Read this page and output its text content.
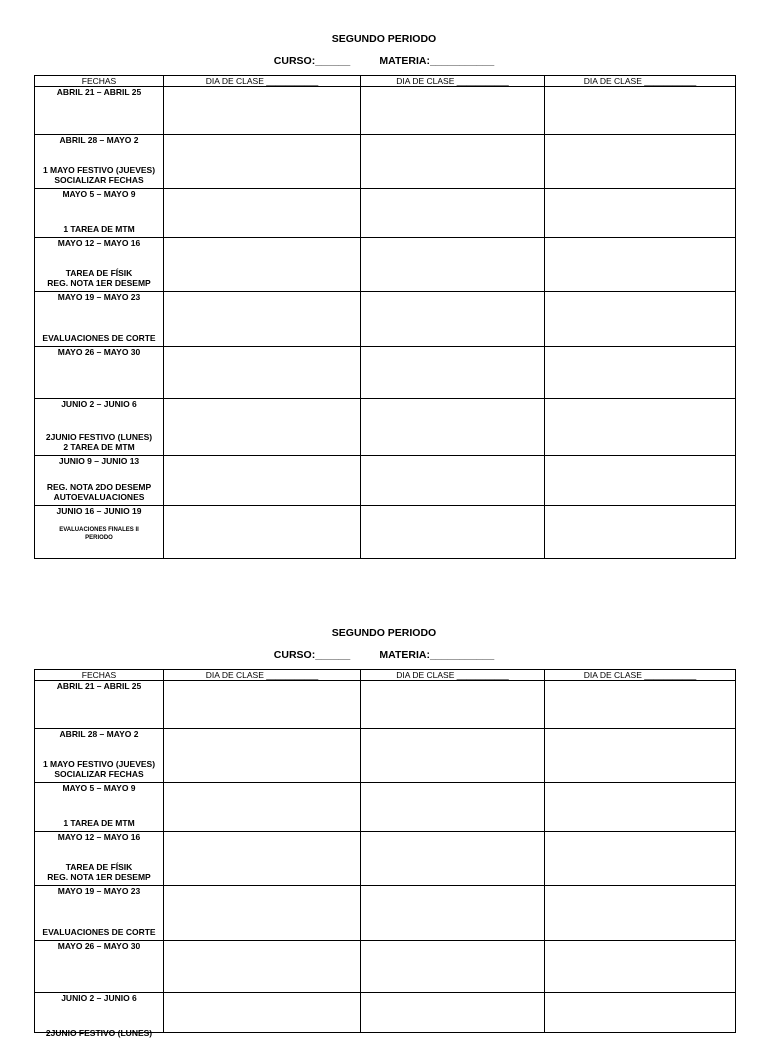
SEGUNDO PERIODO
CURSO:______	MATERIA:___________
FECHAS	DIA DE CLASE ___________	DIA DE CLASE ___________	DIA DE CLASE ___________

ABRIL 21 – ABRIL 25			

ABRIL 28 – MAYO 2
1 MAYO FESTIVO (JUEVES)
SOCIALIZAR FECHAS			

MAYO 5 – MAYO 9
1 TAREA DE MTM			

MAYO 12 – MAYO 16
TAREA DE FÍSIK
REG. NOTA 1ER DESEMP			

MAYO 19 – MAYO 23
EVALUACIONES DE CORTE			

MAYO 26 – MAYO 30			

JUNIO 2 – JUNIO 6
2JUNIO FESTIVO (LUNES)
2 TAREA DE MTM			

JUNIO 9 – JUNIO 13
REG. NOTA 2DO DESEMP
AUTOEVALUACIONES			

JUNIO 16 – JUNIO 19
EVALUACIONES FINALES II
PERIODO			

SEGUNDO PERIODO
CURSO:______	MATERIA:___________
FECHAS	DIA DE CLASE ___________	DIA DE CLASE ___________	DIA DE CLASE ___________

ABRIL 21 – ABRIL 25			

ABRIL 28 – MAYO 2
1 MAYO FESTIVO (JUEVES)
SOCIALIZAR FECHAS			

MAYO 5 – MAYO 9
1 TAREA DE MTM			

MAYO 12 – MAYO 16
TAREA DE FÍSIK
REG. NOTA 1ER DESEMP			

MAYO 19 – MAYO 23
EVALUACIONES DE CORTE			

MAYO 26 – MAYO 30			

JUNIO 2 – JUNIO 6
2JUNIO FESTIVO (LUNES)			
